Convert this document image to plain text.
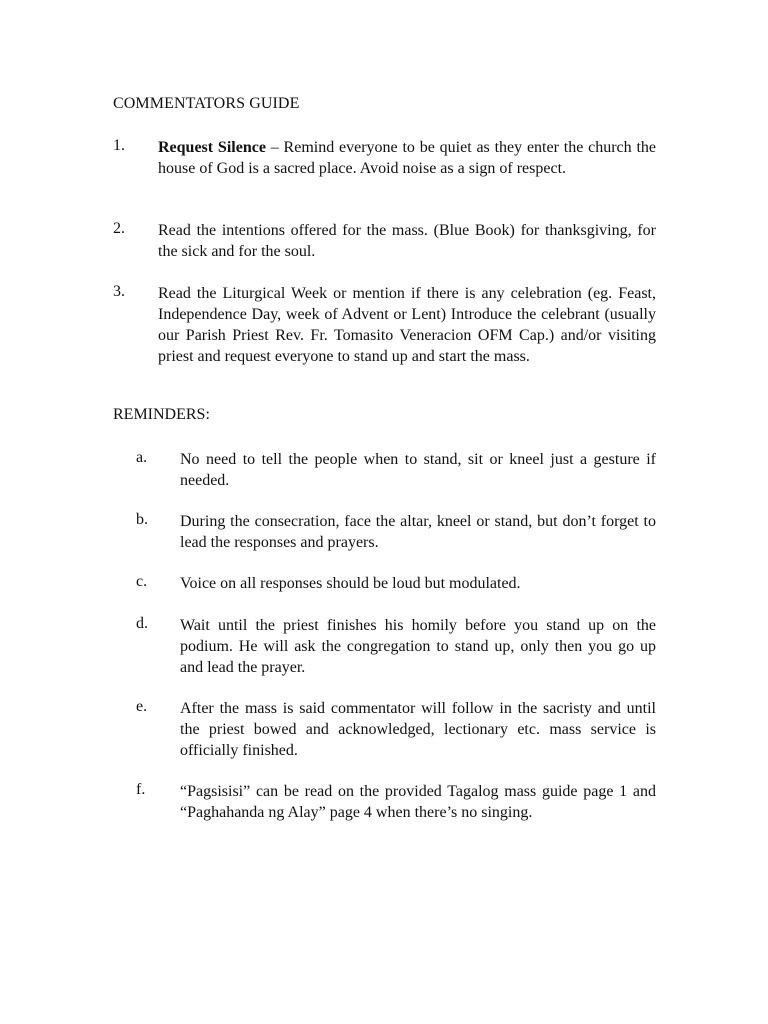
COMMENTATORS GUIDE
1. Request Silence – Remind everyone to be quiet as they enter the church the house of God is a sacred place. Avoid noise as a sign of respect.
2. Read the intentions offered for the mass. (Blue Book) for thanksgiving, for the sick and for the soul.
3. Read the Liturgical Week or mention if there is any celebration (eg. Feast, Independence Day, week of Advent or Lent) Introduce the celebrant (usually our Parish Priest Rev. Fr. Tomasito Veneracion OFM Cap.) and/or visiting priest and request everyone to stand up and start the mass.
REMINDERS:
a. No need to tell the people when to stand, sit or kneel just a gesture if needed.
b. During the consecration, face the altar, kneel or stand, but don’t forget to lead the responses and prayers.
c. Voice on all responses should be loud but modulated.
d. Wait until the priest finishes his homily before you stand up on the podium. He will ask the congregation to stand up, only then you go up and lead the prayer.
e. After the mass is said commentator will follow in the sacristy and until the priest bowed and acknowledged, lectionary etc. mass service is officially finished.
f. “Pagsisisi” can be read on the provided Tagalog mass guide page 1 and “Paghahanda ng Alay” page 4 when there’s no singing.
